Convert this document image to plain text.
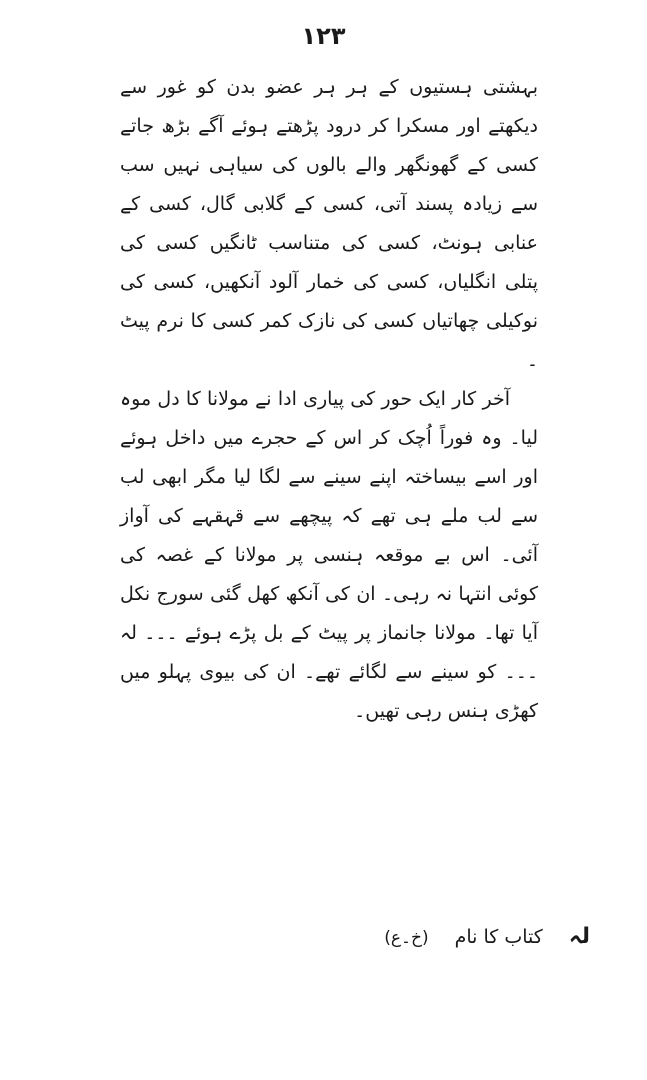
١٢٣

بہشتی ہستیوں کے ہر ہر عضو بدن کو غور سے دیکھتے اور مسکرا کر درود پڑھتے ہوئے آگے بڑھ جاتے کسی کے گھونگھر والے بالوں کی سیاہی نہیں سب سے زیادہ پسند آتی، کسی کے گلابی گال، کسی کے عنابی ہونٹ، کسی کی متناسب ٹانگیں کسی کی پتلی انگلیاں، کسی کی خمار آلود آنکھیں، کسی کی نوکیلی چھاتیاں کسی کی نازک کمر کسی کا نرم پیٹ ۔

آخر کار ایک حور کی پیاری ادا نے مولانا کا دل موہ لیا۔ وہ فوراً اُچک کر اس کے حجرے میں داخل ہوئے اور اسے بیساختہ اپنے سینے سے لگا لیا مگر ابھی لب سے لب ملے ہی تھے کہ پیچھے سے قہقہے کی آواز آئی۔ اس بے موقعہ ہنسی پر مولانا کے غصہ کی کوئی انتہا نہ رہی۔ ان کی آنکھ کھل گئی سورج نکل آیا تھا۔ مولانا جانماز پر پیٹ کے بل پڑے ہوئے ۔۔۔ لہ ۔۔۔ کو سینے سے لگائے تھے۔ ان کی بیوی پہلو میں کھڑی ہنس رہی تھیں۔

لہ
کتاب کا نام
(خ۔ع)
